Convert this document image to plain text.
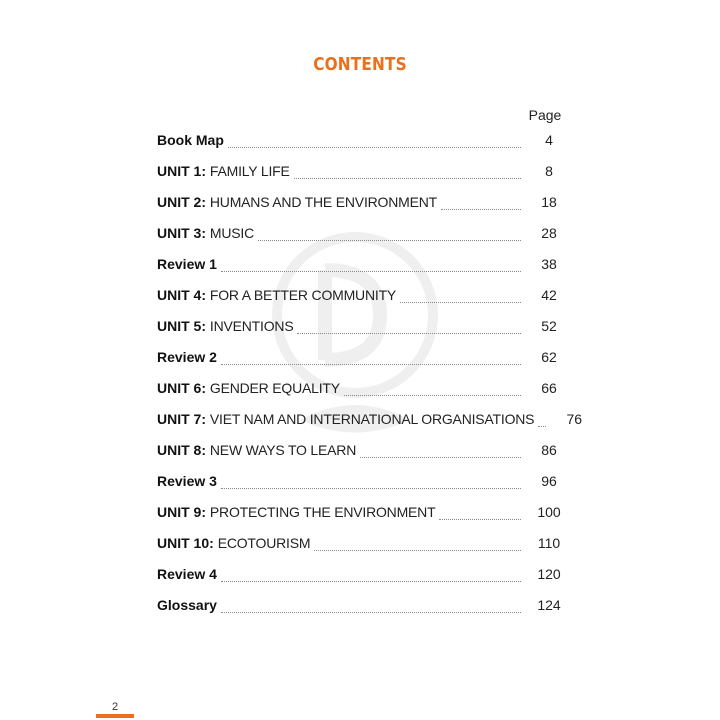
CONTENTS
Page
Book Map	4
UNIT 1: FAMILY LIFE	8
UNIT 2: HUMANS AND THE ENVIRONMENT	18
UNIT 3: MUSIC	28
Review 1	38
UNIT 4: FOR A BETTER COMMUNITY	42
UNIT 5: INVENTIONS	52
Review 2	62
UNIT 6: GENDER EQUALITY	66
UNIT 7: VIET NAM AND INTERNATIONAL ORGANISATIONS	76
UNIT 8: NEW WAYS TO LEARN	86
Review 3	96
UNIT 9: PROTECTING THE ENVIRONMENT	100
UNIT 10: ECOTOURISM	110
Review 4	120
Glossary	124
2
